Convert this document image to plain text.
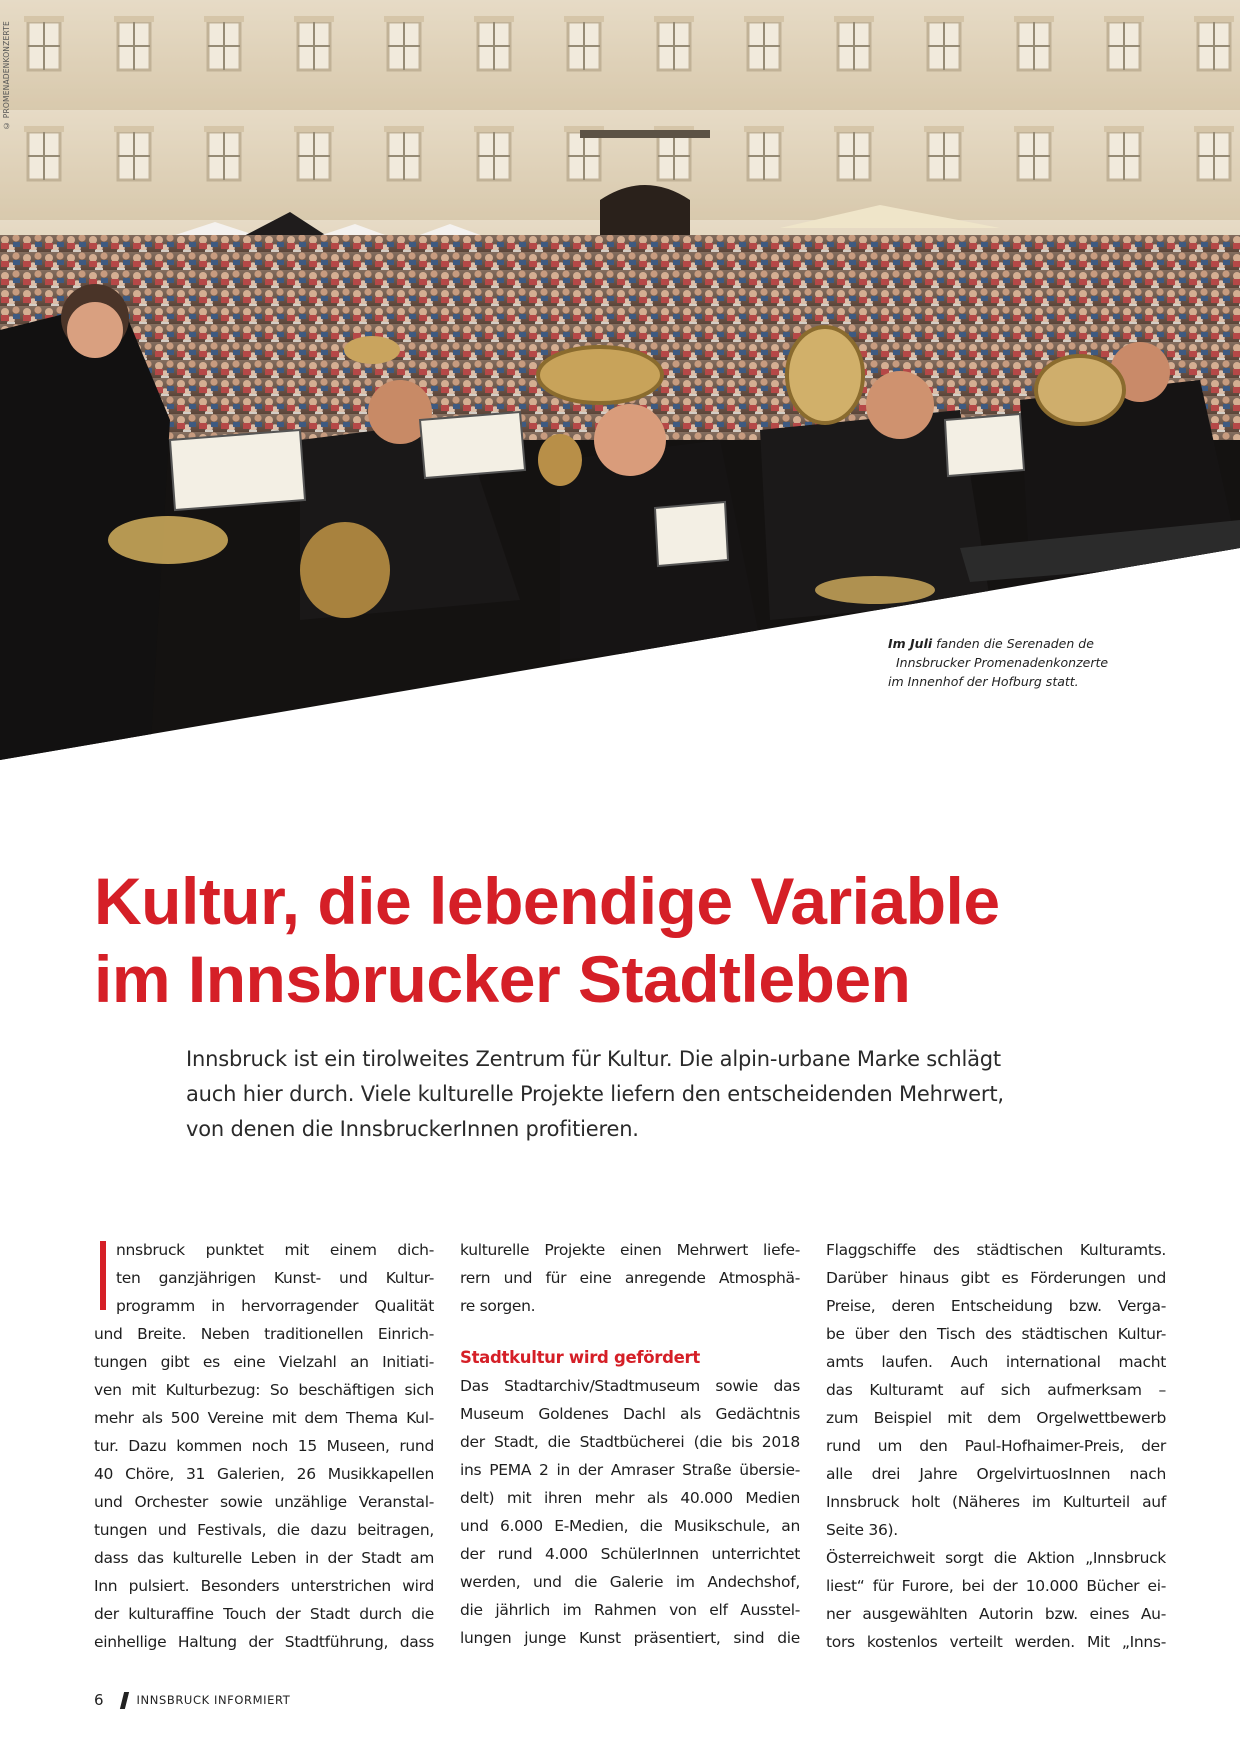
© PROMENADENKONZERTE
Im Juli fanden die Serenaden de
Innsbrucker Promenadenkonzerte
im Innenhof der Hofburg statt.
Kultur, die lebendige Variable
im Innsbrucker Stadtleben
Innsbruck ist ein tirolweites Zentrum für Kultur. Die alpin-urbane Marke schlägt
auch hier durch. Viele kulturelle Projekte liefern den entscheidenden Mehrwert,
von denen die InnsbruckerInnen profitieren.
nnsbruck punktet mit einem dich-
ten ganzjährigen Kunst- und Kultur-
programm in hervorragender Qualität
und Breite. Neben traditionellen Einrich-
tungen gibt es eine Vielzahl an Initiati-
ven mit Kulturbezug: So beschäftigen sich
mehr als 500 Vereine mit dem Thema Kul-
tur. Dazu kommen noch 15 Museen, rund
40 Chöre, 31 Galerien, 26 Musikkapellen
und Orchester sowie unzählige Veranstal-
tungen und Festivals, die dazu beitragen,
dass das kulturelle Leben in der Stadt am
Inn pulsiert. Besonders unterstrichen wird
der kulturaffine Touch der Stadt durch die
einhellige Haltung der Stadtführung, dass
kulturelle Projekte einen Mehrwert liefe-
rern und für eine anregende Atmosphä-
re sorgen.
Stadtkultur wird gefördert
Das Stadtarchiv/Stadtmuseum sowie das
Museum Goldenes Dachl als Gedächtnis
der Stadt, die Stadtbücherei (die bis 2018
ins PEMA 2 in der Amraser Straße übersie-
delt) mit ihren mehr als 40.000 Medien
und 6.000 E-Medien, die Musikschule, an
der rund 4.000 SchülerInnen unterrichtet
werden, und die Galerie im Andechshof,
die jährlich im Rahmen von elf Ausstel-
lungen junge Kunst präsentiert, sind die
Flaggschiffe des städtischen Kulturamts.
Darüber hinaus gibt es Förderungen und
Preise, deren Entscheidung bzw. Verga-
be über den Tisch des städtischen Kultur-
amts laufen. Auch international macht
das Kulturamt auf sich aufmerksam –
zum Beispiel mit dem Orgelwettbewerb
rund um den Paul-Hofhaimer-Preis, der
alle drei Jahre OrgelvirtuosInnen nach
Innsbruck holt (Näheres im Kulturteil auf
Seite 36).
Österreichweit sorgt die Aktion „Innsbruck
liest“ für Furore, bei der 10.000 Bücher ei-
ner ausgewählten Autorin bzw. eines Au-
tors kostenlos verteilt werden. Mit „Inns-
6	INNSBRUCK INFORMIERT
